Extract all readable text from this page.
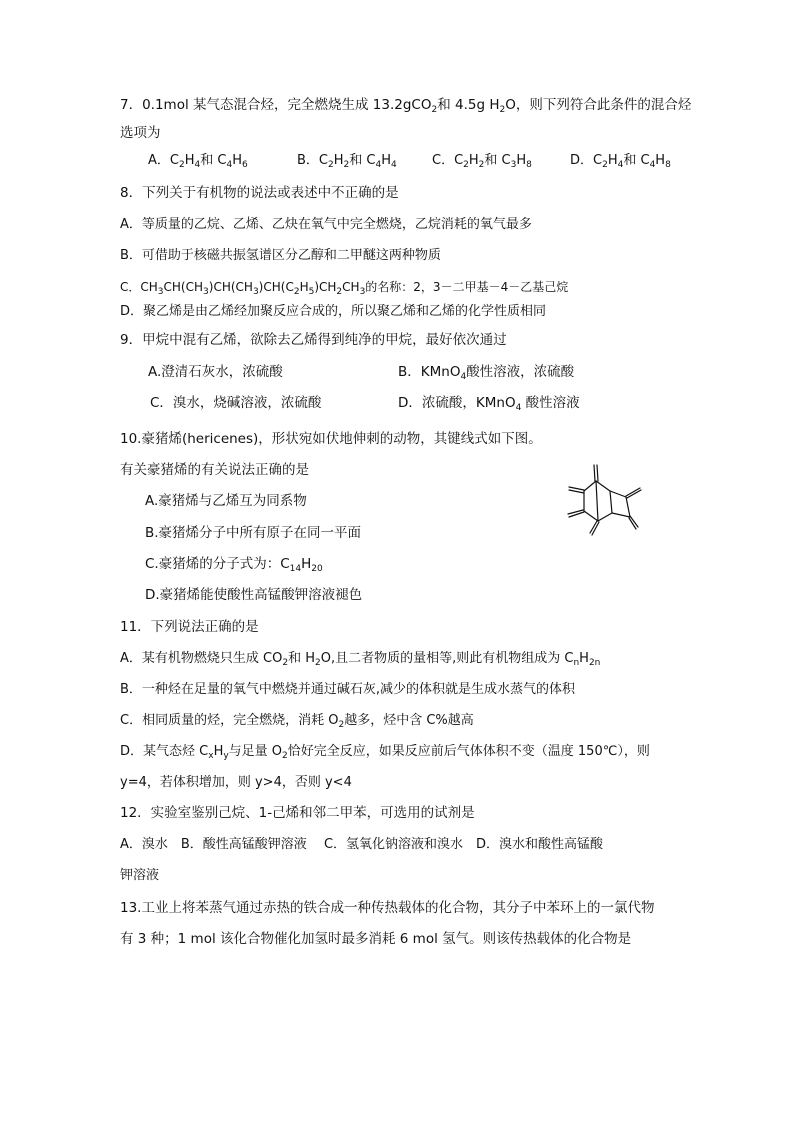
7．0.1mol 某气态混合烃，完全燃烧生成 13.2gCO$_2$和 4.5g $H_2O$，则下列符合此条件的混合烃
选项为
A．$C_2H_4$和 $C_4H_6$	B．$C_2H_2$和 $C_4H_4$	C．$C_2H_2$和 $C_3H_8$	D．$C_2H_4$和 $C_4H_8$
8．下列关于有机物的说法或表述中不正确的是
A．等质量的乙烷、乙烯、乙炔在氧气中完全燃烧，乙烷消耗的氧气最多
B．可借助于核磁共振氢谱区分乙醇和二甲醚这两种物质
C．$CH_3CH(CH_3)CH(CH_3)CH(C_2H_5)CH_2CH_3$的名称：2，3－二甲基－4－乙基己烷
D．聚乙烯是由乙烯经加聚反应合成的，所以聚乙烯和乙烯的化学性质相同
9．甲烷中混有乙烯，欲除去乙烯得到纯净的甲烷，最好依次通过
A.澄清石灰水，浓硫酸	B．KMnO$_4$酸性溶液，浓硫酸
C．溴水，烧碱溶液，浓硫酸	D．浓硫酸，KMnO$_4$ 酸性溶液
10.豪猪烯(hericenes)，形状宛如伏地伸刺的动物，其键线式如下图。
有关豪猪烯的有关说法正确的是
A.豪猪烯与乙烯互为同系物
B.豪猪烯分子中所有原子在同一平面
C.豪猪烯的分子式为：$C_{14}H_{20}$
D.豪猪烯能使酸性高锰酸钾溶液褪色
11．下列说法正确的是
A．某有机物燃烧只生成 $CO_2$和 $H_2O$,且二者物质的量相等,则此有机物组成为 $C_nH_{2n}$
B．一种烃在足量的氧气中燃烧并通过碱石灰,减少的体积就是生成水蒸气的体积
C．相同质量的烃，完全燃烧，消耗 $O_2$越多，烃中含 C%越高
D．某气态烃 $C_xH_y$与足量 $O_2$恰好完全反应，如果反应前后气体体积不变（温度 150℃），则
y=4，若体积增加，则 y>4，否则 y<4
12．实验室鉴别己烷、1-己烯和邻二甲苯，可选用的试剂是
A．溴水　B．酸性高锰酸钾溶液　 C．氢氧化钠溶液和溴水　D．溴水和酸性高锰酸
钾溶液
13.工业上将苯蒸气通过赤热的铁合成一种传热载体的化合物，其分子中苯环上的一氯代物
有 3 种；1 mol 该化合物催化加氢时最多消耗 6 mol 氢气。则该传热载体的化合物是
